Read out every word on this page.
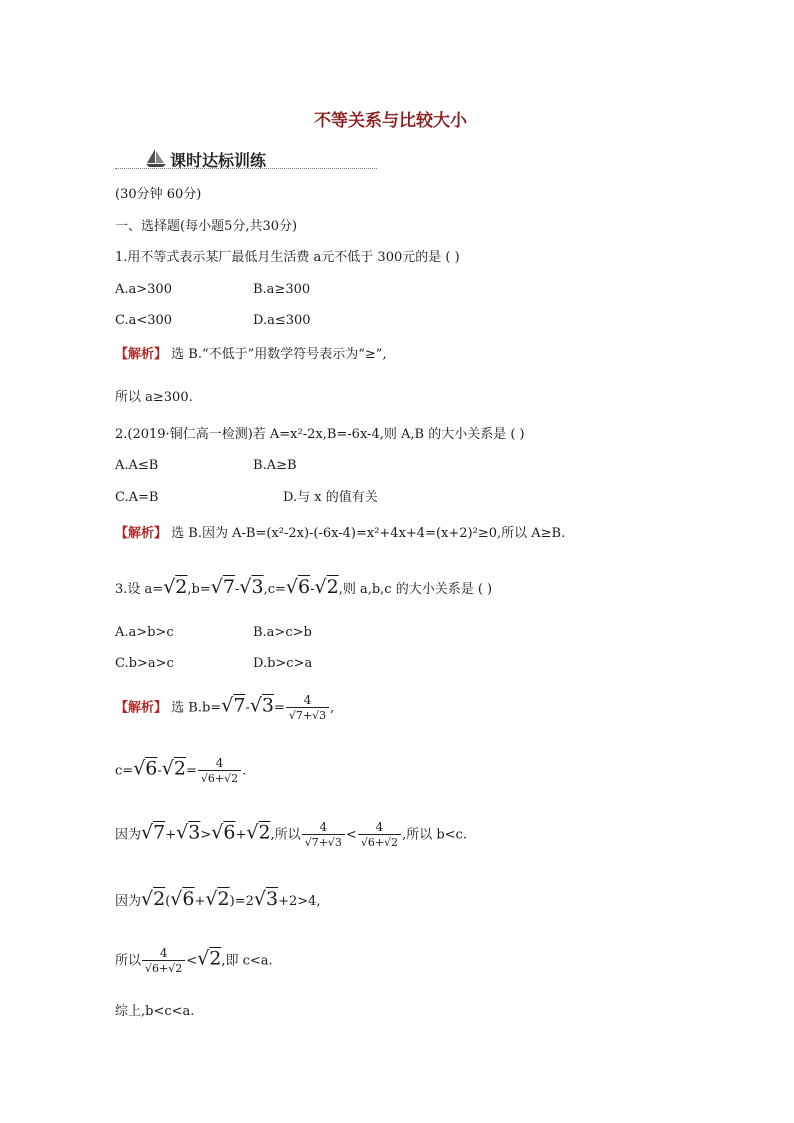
不等关系与比较大小
课时达标训练
(30分钟 60分)
一、选择题(每小题5分,共30分)
1.用不等式表示某厂最低月生活费 a元不低于 300元的是 ( )
A.a>300	B.a≥300
C.a<300	D.a≤300
【解析】 选 B.“不低于”用数学符号表示为“≥”,
所以 a≥300.
2.(2019·铜仁高一检测)若 A=x²-2x,B=-6x-4,则 A,B 的大小关系是 ( )
A.A≤B	B.A≥B
C.A=B	D.与 x 的值有关
【解析】 选 B.因为 A-B=(x²-2x)-(-6x-4)=x²+4x+4=(x+2)²≥0,所以 A≥B.
3.设 a=√2,b=√7-√3,c=√6-√2,则 a,b,c 的大小关系是 ( )
A.a>b>c	B.a>c>b
C.b>a>c	D.b>c>a
【解析】 选 $B.b=√7-√3= \frac{4}{√7+√3}$ ,
$c=√6-√2= \frac{4}{√6+√2}$ .
因为√7+√3>√6+√2,所以 $\frac{4}{√7+√3} < \frac{4}{√6+√2}$ ,所以 b<c.
因为√2(√6+√2)=2√3+2>4,
所以 $\frac{4}{√6+√2} <√2$,即 c<a.
综上,b<c<a.
